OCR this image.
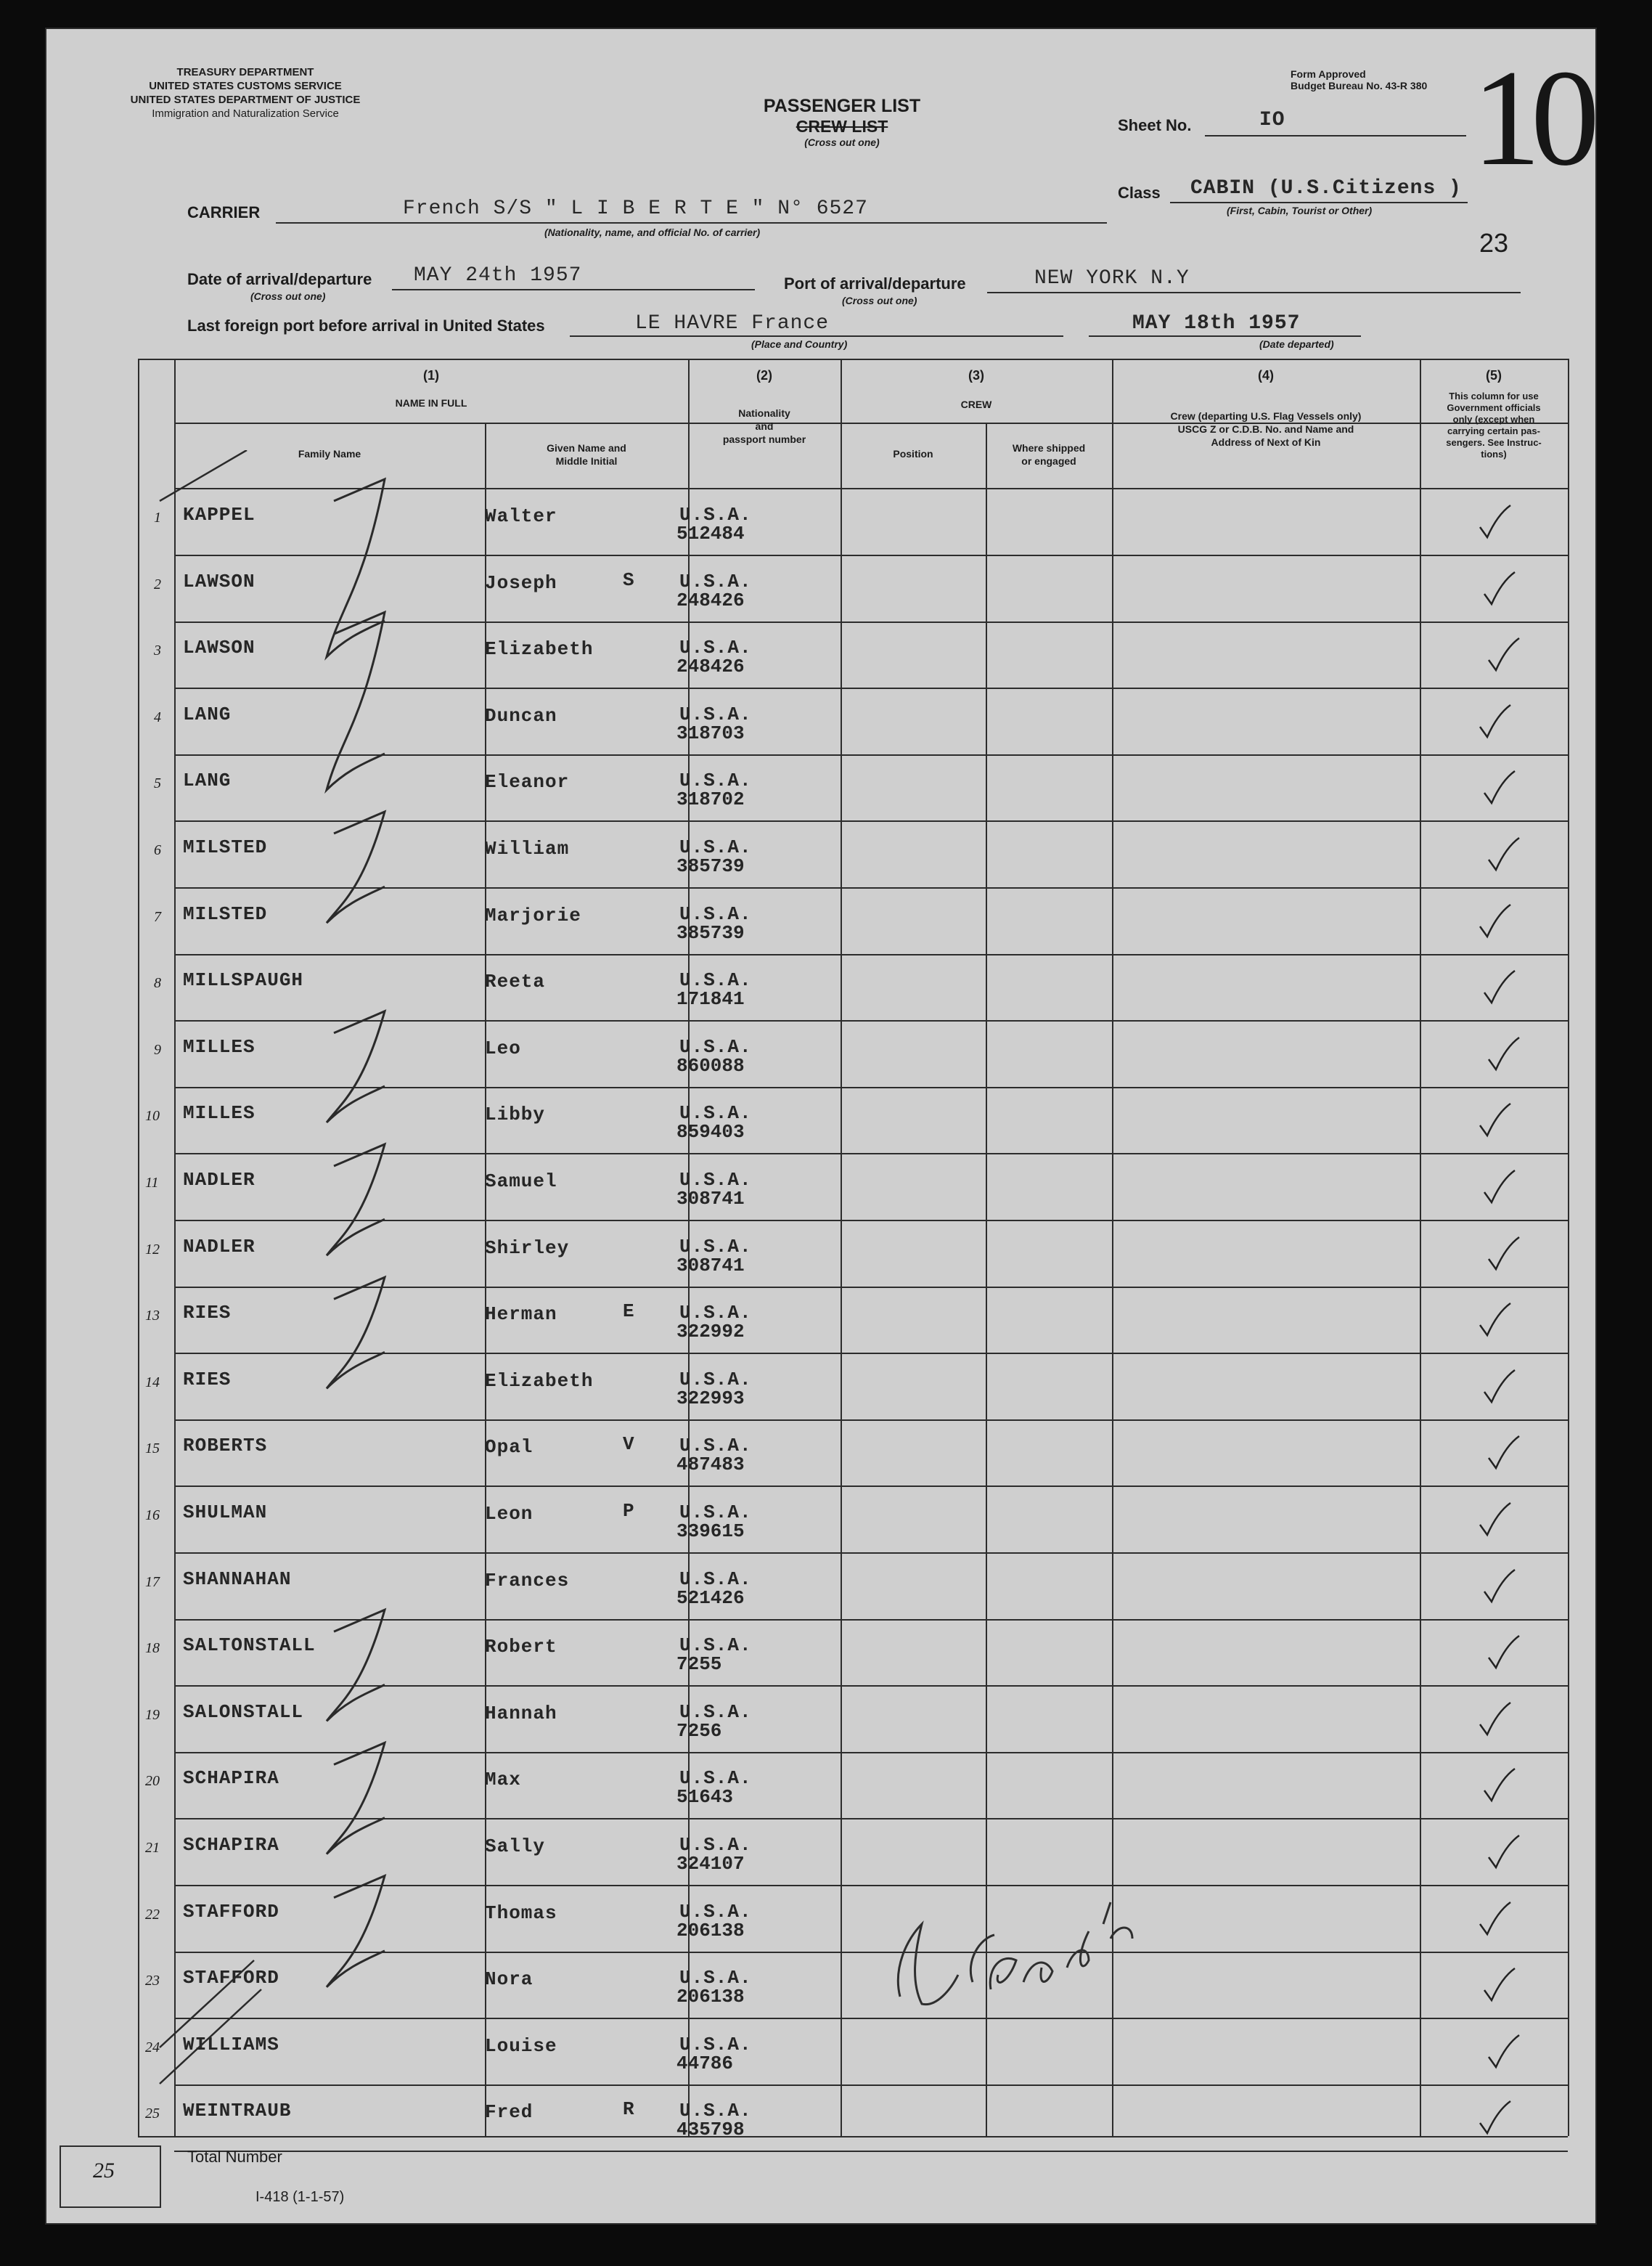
TREASURY DEPARTMENT
UNITED STATES CUSTOMS SERVICE
UNITED STATES DEPARTMENT OF JUSTICE
Immigration and Naturalization Service	PASSENGER LIST
CREW LIST
(Cross out one)
Form Approved
Budget Bureau No. 43-R 380 10
Sheet No.	IO
Class CABIN (U.S.Citizens )
(First, Cabin, Tourist or Other)
23
CARRIER	French S/S " L I B E R T E " N° 6527
(Nationality, name, and official No. of carrier)
Date of arrival/departure MAY 24th 1957
(Cross out one)
Port of arrival/departure	NEW YORK N.Y
(Cross out one)
Last foreign port before arrival in United States	LE HAVRE France
(Place and Country)
MAY 18th 1957
(Date departed)
(1)
NAME IN FULL
Family Name	Given Name and
Middle Initial
(2)
Nationality
and
passport number
(3)
CREW
Position	Where shipped
or engaged
(4)
Crew (departing U.S. Flag Vessels only)
USCG Z or C.D.B. No. and Name and
Address of Next of Kin
(5)
This column for use
Government officials
only (except when
carrying certain pas-
sengers. See Instruc-
tions)
1 KAPPEL	Walter	U.S.A.
512484
2 LAWSON	Joseph	S U.S.A.
248426
3 LAWSON	Elizabeth	U.S.A.
248426
4 LANG	Duncan	U.S.A.
318703
5 LANG	Eleanor	U.S.A.
318702
6 MILSTED	William	U.S.A.
385739
7 MILSTED	Marjorie	U.S.A.
385739
8 MILLSPAUGH	Reeta	U.S.A.
171841
9 MILLES	Leo	U.S.A.
860088
10 MILLES	Libby	U.S.A.
859403
11 NADLER	Samuel	U.S.A.
308741
12 NADLER	Shirley	U.S.A.
308741
13 RIES	Herman	E U.S.A.
322992
14 RIES	Elizabeth	U.S.A.
322993
15 ROBERTS	Opal	V U.S.A.
487483
16 SHULMAN	Leon	P U.S.A.
339615
17 SHANNAHAN	Frances	U.S.A.
521426
18 SALTONSTALL	Robert	U.S.A.
7255
19 SALONSTALL	Hannah	U.S.A.
7256
20 SCHAPIRA	Max	U.S.A.
51643
21 SCHAPIRA	Sally	U.S.A.
324107
22 STAFFORD	Thomas	U.S.A.
206138
23 STAFFORD	Nora	U.S.A.
206138
24 WILLIAMS	Louise	U.S.A.
44786
25 WEINTRAUB	Fred	R U.S.A.
435798
L C Hona 9 15/A.
25
Total Number
I-418 (1-1-57)
